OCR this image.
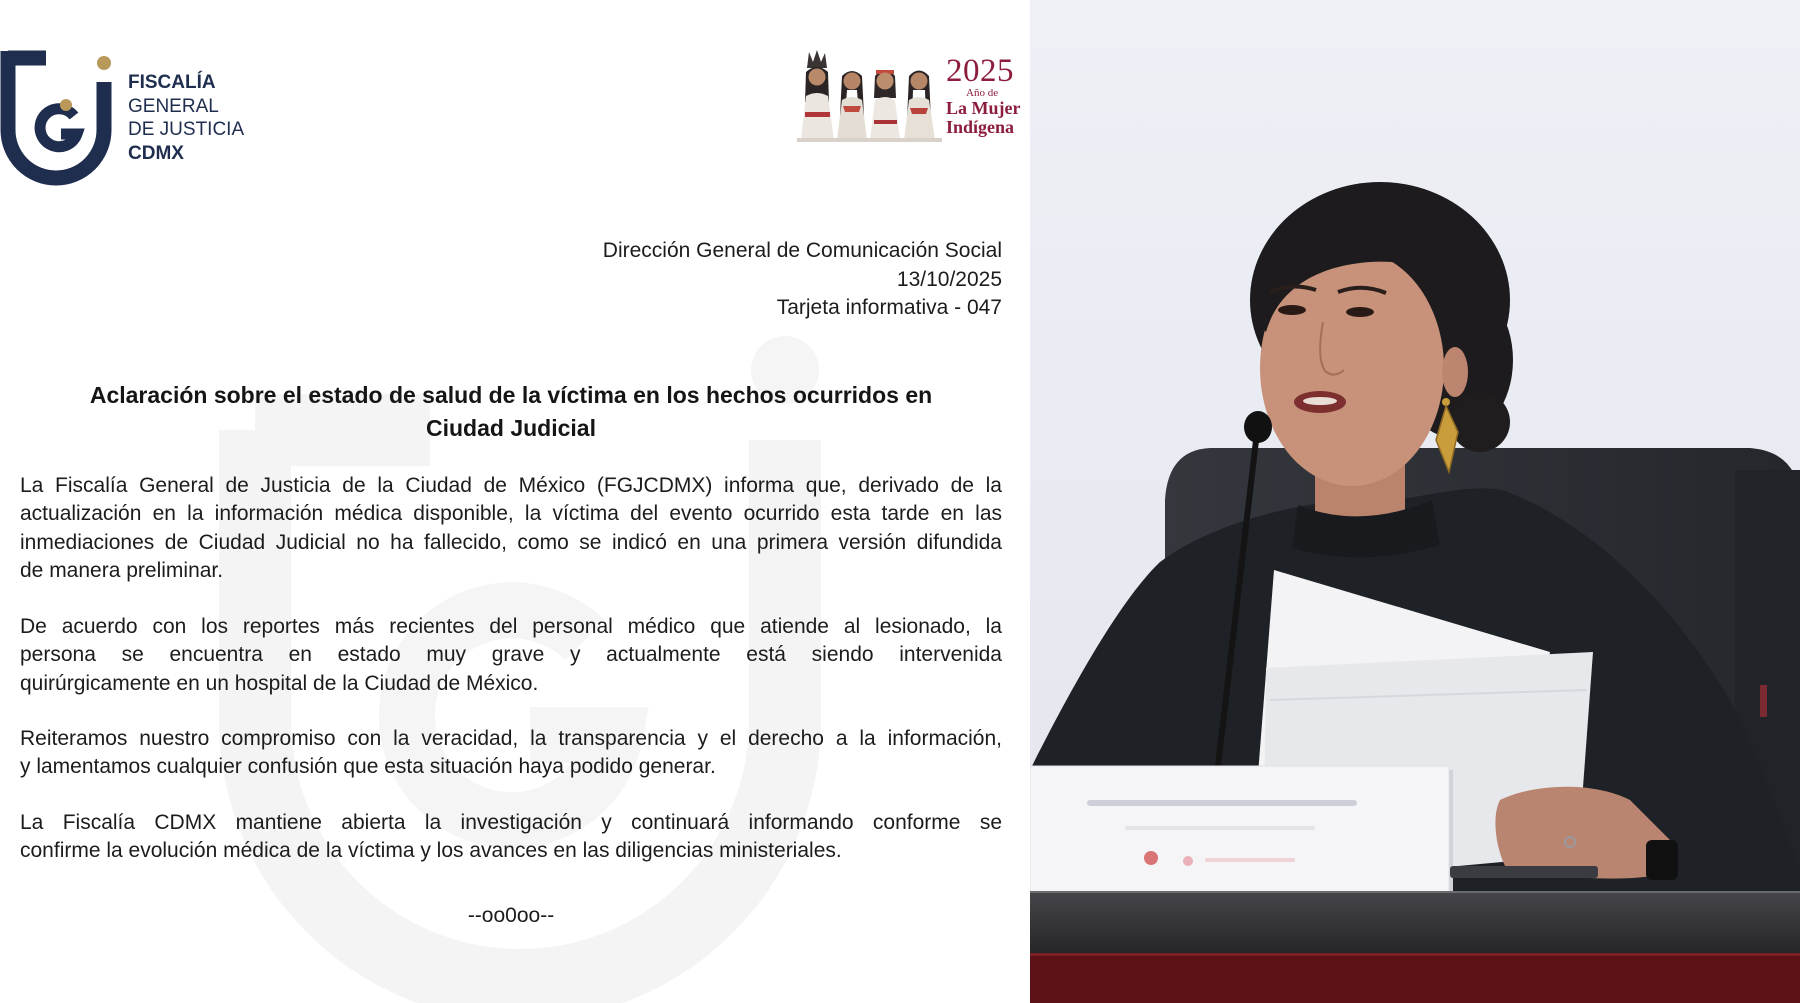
FISCALÍA
GENERAL
DE JUSTICIA
CDMX
2025
Año de
La Mujer
Indígena
Dirección General de Comunicación Social
13/10/2025
Tarjeta informativa - 047
Aclaración sobre el estado de salud de la víctima en los hechos ocurridos en
Ciudad Judicial
La Fiscalía General de Justicia de la Ciudad de México (FGJCDMX) informa que, derivado de la
actualización en la información médica disponible, la víctima del evento ocurrido esta tarde en las
inmediaciones de Ciudad Judicial no ha fallecido, como se indicó en una primera versión difundida
de manera preliminar.
De acuerdo con los reportes más recientes del personal médico que atiende al lesionado, la
persona se encuentra en estado muy grave y actualmente está siendo intervenida
quirúrgicamente en un hospital de la Ciudad de México.
Reiteramos nuestro compromiso con la veracidad, la transparencia y el derecho a la información,
y lamentamos cualquier confusión que esta situación haya podido generar.
La Fiscalía CDMX mantiene abierta la investigación y continuará informando conforme se
confirme la evolución médica de la víctima y los avances en las diligencias ministeriales.
--oo0oo--
